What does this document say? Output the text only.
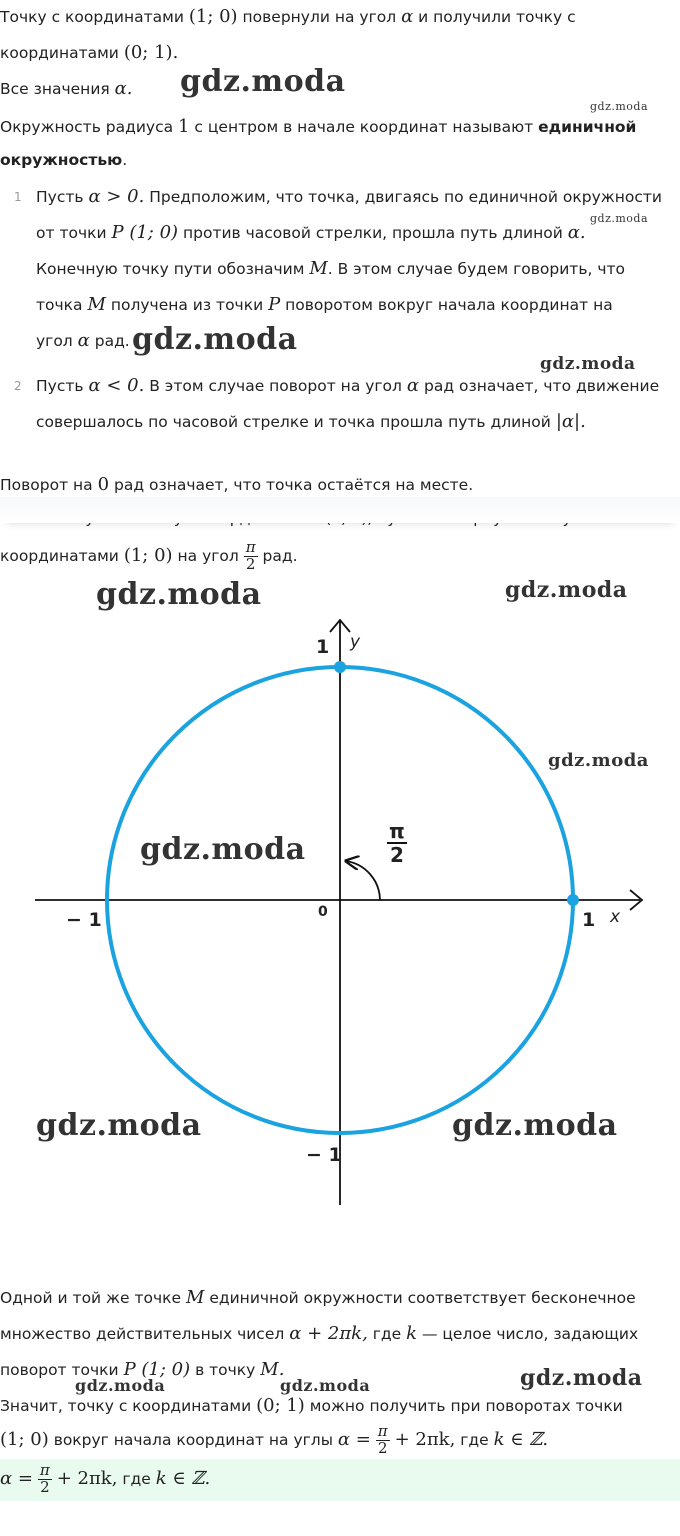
Точку с координатами (1; 0) повернули на угол α и получили точку с
координатами (0; 1).
Все значения α. gdz.moda
gdz.moda
Окружность радиуса 1 с центром в начале координат называют единичной
окружностью.
1 Пусть α > 0. Предположим, что точка, двигаясь по единичной окружности
gdz.moda
от точки P (1; 0) против часовой стрелки, прошла путь длиной α.
Конечную точку пути обозначим M. В этом случае будем говорить, что
точка M получена из точки P поворотом вокруг начала координат на
угол α рад. gdz.moda
gdz.moda
2 Пусть α < 0. В этом случае поворот на угол α рад означает, что движение
совершалось по часовой стрелке и точка прошла путь длиной |α|.
Поворот на 0 рад означает, что точка остаётся на месте.
координатами (1; 0) на угол $\frac{\pi}{2}$ рад.
y
1
x
1
− 1	0
− 1
$\frac{\pi}{2}$
gdz.moda	gdz.moda
gdz.moda
gdz.moda
gdz.moda	gdz.moda
Одной и той же точке M единичной окружности соответствует бесконечное
множество действительных чисел α + 2πk, где k — целое число, задающих
поворот точки P (1; 0) в точку M.
gdz.moda	gdz.moda	gdz.moda
Значит, точку с координатами (0; 1) можно получить при поворотах точки
(1; 0) вокруг начала координат на углы $\alpha = \frac{\pi}{2} + 2\pi k$, где k ∈ ℤ.
$\alpha = \frac{\pi}{2} + 2\pi k$, где k ∈ ℤ.
